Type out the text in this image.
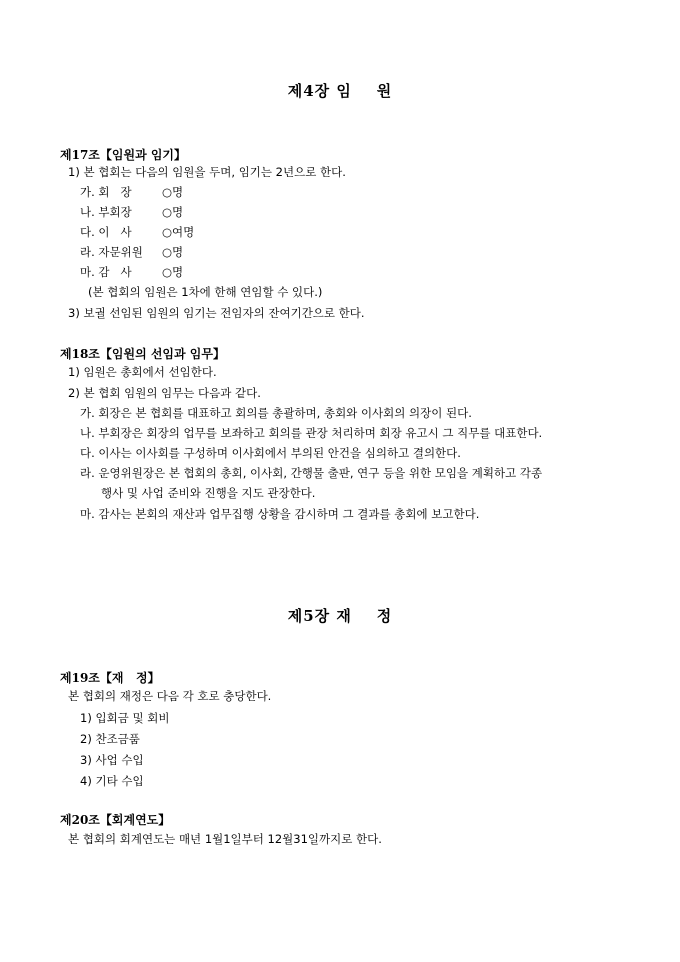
제4장 임    원
제17조【임원과 임기】
1) 본 협회는 다음의 임원을 두며, 임기는 2년으로 한다.
가. 회   장	○명
나. 부회장	○명
다. 이   사	○여명
라. 자문위원 ○명
마. 감   사	○명
(본 협회의 임원은 1차에 한해 연임할 수 있다.)
3) 보궐 선임된 임원의 임기는 전임자의 잔여기간으로 한다.
제18조【임원의 선임과 임무】
1) 임원은 총회에서 선임한다.
2) 본 협회 임원의 임무는 다음과 같다.
가. 회장은 본 협회를 대표하고 회의를 총괄하며, 총회와 이사회의 의장이 된다.
나. 부회장은 회장의 업무를 보좌하고 회의를 관장 처리하며 회장 유고시 그 직무를 대표한다.
다. 이사는 이사회를 구성하며 이사회에서 부의된 안건을 심의하고 결의한다.
라. 운영위원장은 본 협회의 총회, 이사회, 간행물 출판, 연구 등을 위한 모임을 계획하고 각종
행사 및 사업 준비와 진행을 지도 관장한다.
마. 감사는 본회의 재산과 업무집행 상황을 감시하며 그 결과를 총회에 보고한다.
제5장 재    정
제19조【재   정】
본 협회의 재정은 다음 각 호로 충당한다.
1) 입회금 및 회비
2) 찬조금품
3) 사업 수입
4) 기타 수입
제20조【회계연도】
본 협회의 회계연도는 매년 1월1일부터 12월31일까지로 한다.
